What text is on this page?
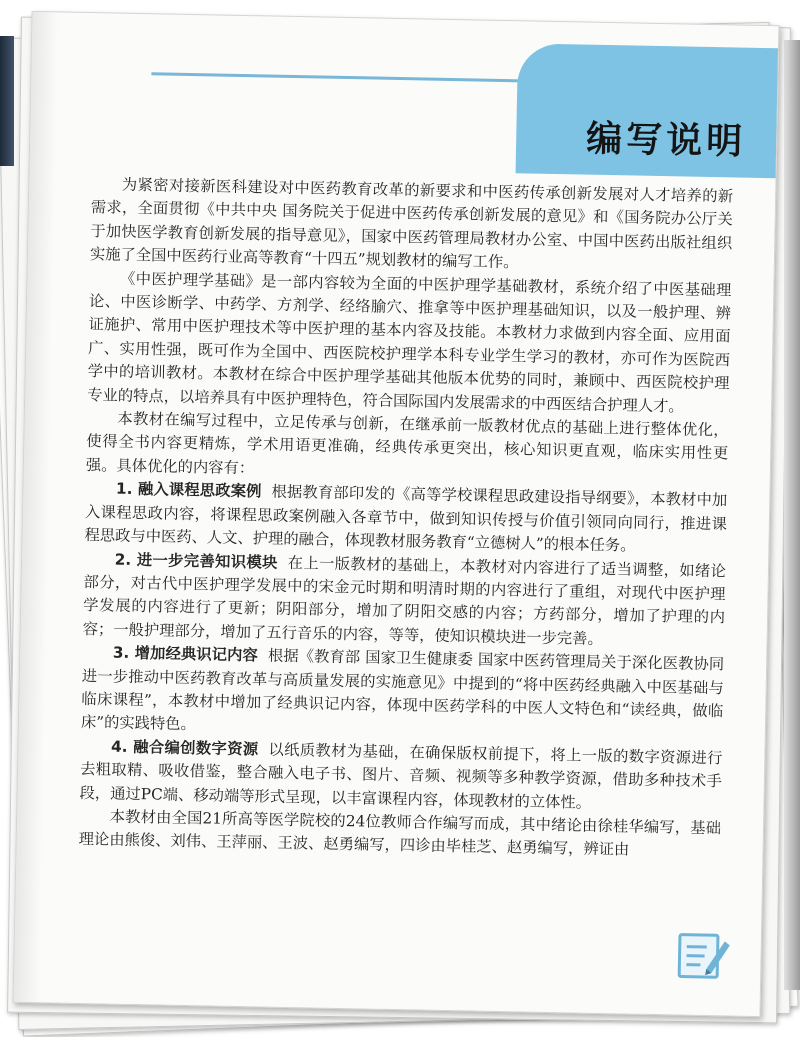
编写说明

为紧密对接新医科建设对中医药教育改革的新要求和中医药传承创新发展对人才培养的新需求，全面贯彻《中共中央 国务院关于促进中医药传承创新发展的意见》和《国务院办公厅关于加快医学教育创新发展的指导意见》，国家中医药管理局教材办公室、中国中医药出版社组织实施了全国中医药行业高等教育“十四五”规划教材的编写工作。

《中医护理学基础》是一部内容较为全面的中医护理学基础教材，系统介绍了中医基础理论、中医诊断学、中药学、方剂学、经络腧穴、推拿等中医护理基础知识，以及一般护理、辨证施护、常用中医护理技术等中医护理的基本内容及技能。本教材力求做到内容全面、应用面广、实用性强，既可作为全国中、西医院校护理学本科专业学生学习的教材，亦可作为医院西学中的培训教材。本教材在综合中医护理学基础其他版本优势的同时，兼顾中、西医院校护理专业的特点，以培养具有中医护理特色，符合国际国内发展需求的中西医结合护理人才。

本教材在编写过程中，立足传承与创新，在继承前一版教材优点的基础上进行整体优化，使得全书内容更精炼，学术用语更准确，经典传承更突出，核心知识更直观，临床实用性更强。具体优化的内容有：

1. 融入课程思政案例 根据教育部印发的《高等学校课程思政建设指导纲要》，本教材中加入课程思政内容，将课程思政案例融入各章节中，做到知识传授与价值引领同向同行，推进课程思政与中医药、人文、护理的融合，体现教材服务教育“立德树人”的根本任务。

2. 进一步完善知识模块 在上一版教材的基础上，本教材对内容进行了适当调整，如绪论部分，对古代中医护理学发展中的宋金元时期和明清时期的内容进行了重组，对现代中医护理学发展的内容进行了更新；阴阳部分，增加了阴阳交感的内容；方药部分，增加了护理的内容；一般护理部分，增加了五行音乐的内容，等等，使知识模块进一步完善。

3. 增加经典识记内容 根据《教育部 国家卫生健康委 国家中医药管理局关于深化医教协同进一步推动中医药教育改革与高质量发展的实施意见》中提到的“将中医药经典融入中医基础与临床课程”，本教材中增加了经典识记内容，体现中医药学科的中医人文特色和“读经典，做临床”的实践特色。

4. 融合编创数字资源 以纸质教材为基础，在确保版权前提下，将上一版的数字资源进行去粗取精、吸收借鉴，整合融入电子书、图片、音频、视频等多种教学资源，借助多种技术手段，通过PC端、移动端等形式呈现，以丰富课程内容，体现教材的立体性。

本教材由全国21所高等医学院校的24位教师合作编写而成，其中绪论由徐桂华编写，基础理论由熊俊、刘伟、王萍丽、王波、赵勇编写，四诊由毕桂芝、赵勇编写，辨证由
